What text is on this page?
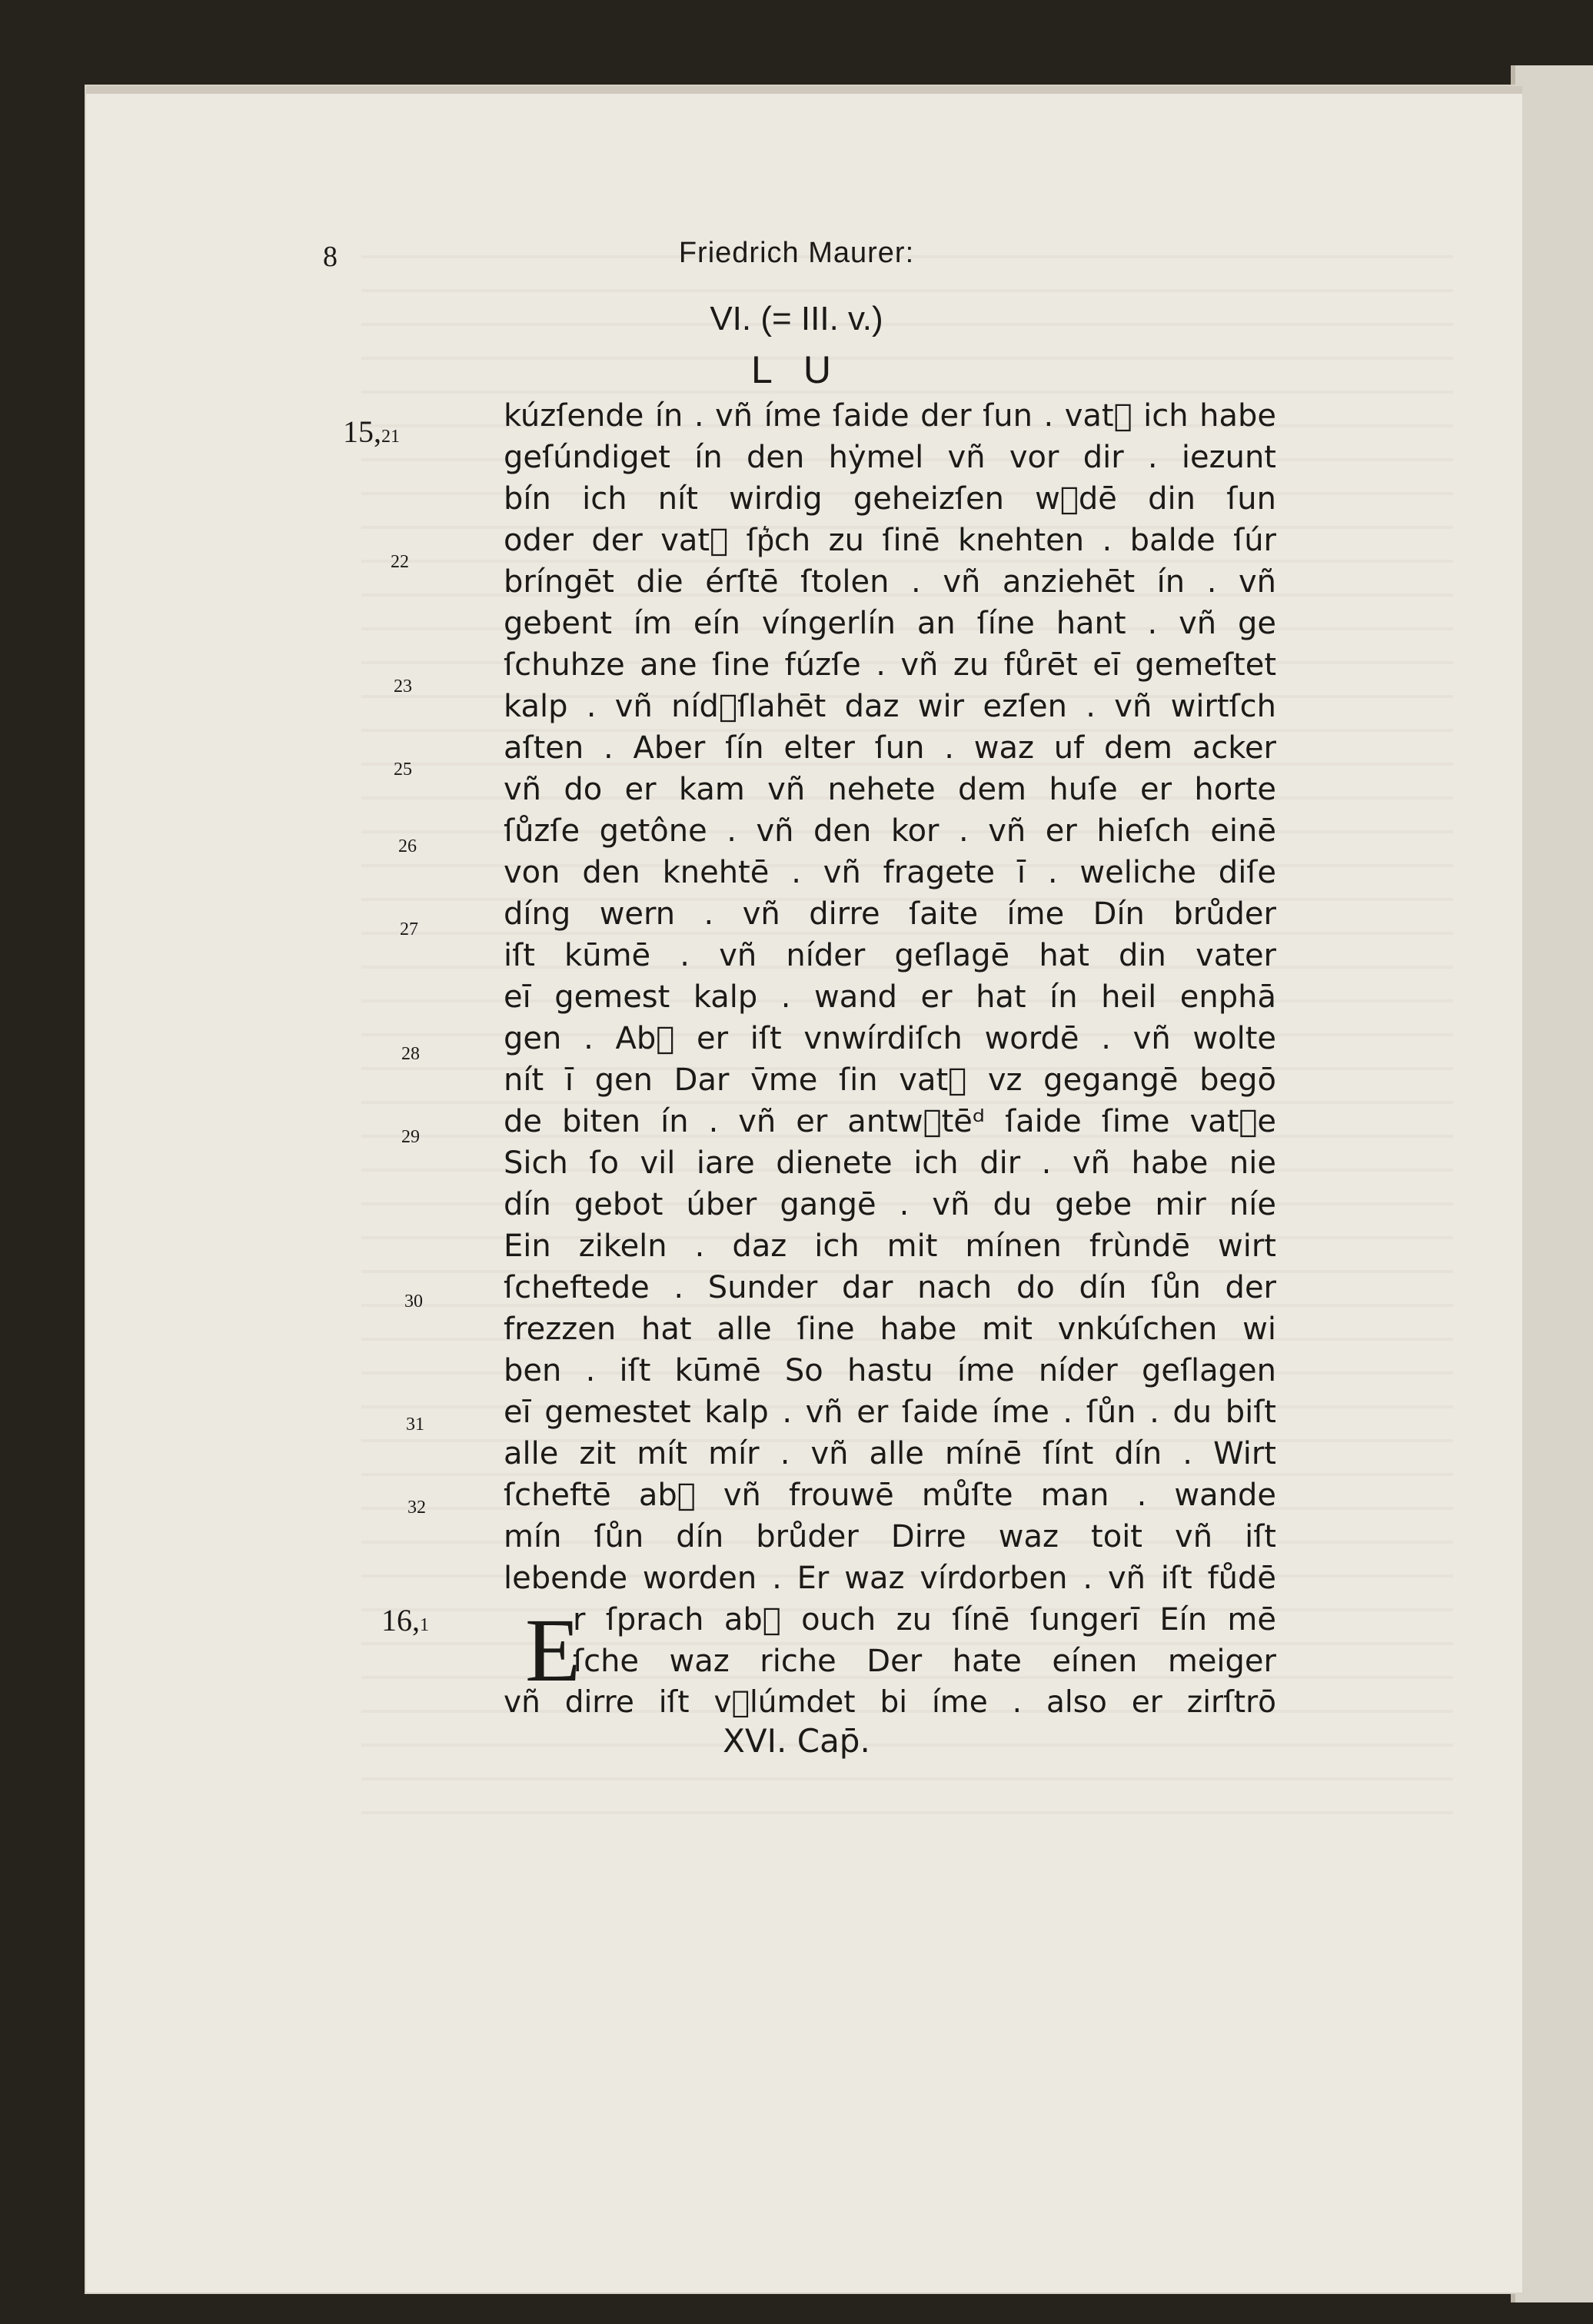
8	Friedrich Maurer:
VI. (= III. v.)
L U
15,21
22
23
25
26
27
28
29
30
31
32
16,1
kúzſende ín . vñ íme ſaide der ſun . vat᷑ ich habe
geſúndiget ín den hẏmel vñ vor dir . iezunt
bín ich nít wirdig geheizſen w᷑dē din ſun
oder der vat᷑ ſp͛ch zu ſinē knehten . balde ſúr
bríngēt die érſtē ſtolen . vñ anziehēt ín . vñ
gebent ím eín víngerlín an ſíne hant . vñ ge
ſchuhze ane ſine fúzſe . vñ zu fůrēt eī gemeſtet
kalp . vñ níd᷑ſlahēt daz wir ezſen . vñ wirtſch
aſten . Aber ſín elter ſun . waz uf dem acker
vñ do er kam vñ nehete dem huſe er horte
ſůzſe getône . vñ den kor . vñ er hieſch einē
von den knehtē . vñ fragete ī . weliche diſe
díng wern . vñ dirre ſaite íme Dín brůder
iſt kūmē . vñ níder geſlagē hat din vater
eī gemest kalp . wand er hat ín heil enphā
gen . Ab᷑ er iſt vnwírdiſch wordē . vñ wolte
nít ī gen Dar v̄me ſin vat᷑ vz gegangē begō
de biten ín . vñ er antw᷑tēᵈ ſaide ſime vat᷑e
Sich ſo vil iare dienete ich dir . vñ habe nie
dín gebot úber gangē . vñ du gebe mir níe
Ein zikeln . daz ich mit mínen frùndē wirt
ſcheftede . Sunder dar nach do dín ſůn der
frezzen hat alle ſine habe mit vnkúſchen wi
ben . iſt kūmē So hastu íme níder geſlagen
eī gemestet kalp . vñ er ſaide íme . ſůn . du biſt
alle zit mít mír . vñ alle mínē ſínt dín . Wirt
ſcheftē ab᷑ vñ frouwē můſte man . wande
mín ſůn dín brůder Dirre waz toit vñ iſt
lebende worden . Er waz vírdorben . vñ iſt fůdē
E
r ſprach ab᷑ ouch zu ſínē ſungerī Eín mē
ſche waz riche Der hate eínen meiger
vñ dirre iſt v᷑lúmdet bi íme . also er zirſtrō
XVI. Cap̄.
